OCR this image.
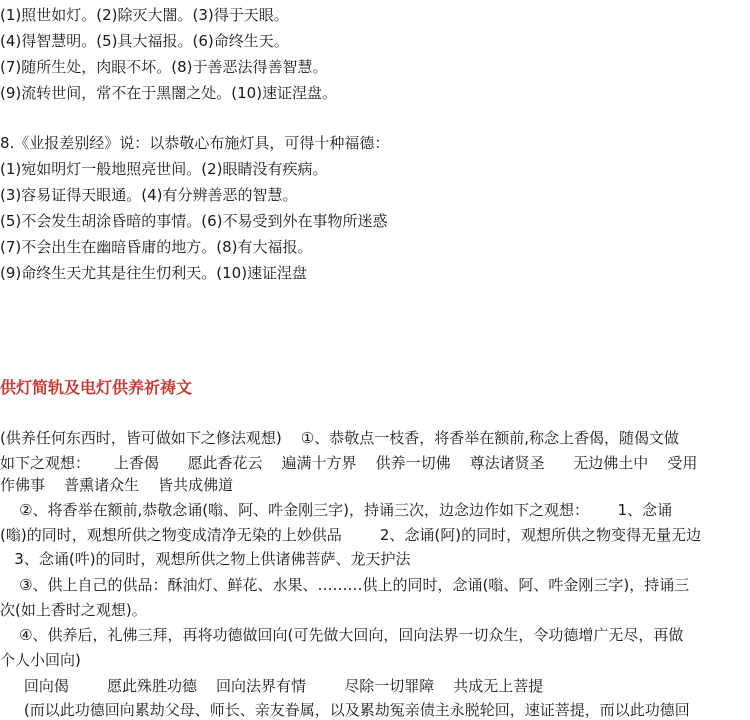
(1)照世如灯。(2)除灭大闇。(3)得于天眼。
(4)得智慧明。(5)具大福报。(6)命终生天。
(7)随所生处，肉眼不坏。(8)于善恶法得善智慧。
(9)流转世间，常不在于黑闇之处。(10)速证涅盘。
8.《业报差别经》说：以恭敬心布施灯具，可得十种福德：
(1)宛如明灯一般地照亮世间。(2)眼睛没有疾病。
(3)容易证得天眼通。(4)有分辨善恶的智慧。
(5)不会发生胡涂昏暗的事情。(6)不易受到外在事物所迷惑
(7)不会出生在幽暗昏庸的地方。(8)有大福报。
(9)命终生天尤其是往生忉利天。(10)速证涅盘
供灯简轨及电灯供养祈祷文
(供养任何东西时，皆可做如下之修法观想)    ①、恭敬点一枝香，将香举在额前,称念上香偈，随偈文做
如下之观想：     上香偈      愿此香花云    遍满十方界    供养一切佛    尊法诸贤圣      无边佛土中    受用
作佛事    普熏诸众生    皆共成佛道
②、将香举在额前,恭敬念诵(嗡、阿、吽金刚三字)，持诵三次，边念边作如下之观想：      1、念诵
(嗡)的同时，观想所供之物变成清净无染的上妙供品        2、念诵(阿)的同时，观想所供之物变得无量无边
3、念诵(吽)的同时，观想所供之物上供诸佛菩萨、龙天护法
③、供上自己的供品：酥油灯、鲜花、水果、………供上的同时，念诵(嗡、阿、吽金刚三字)，持诵三
次(如上香时之观想)。
④、供养后，礼佛三拜，再将功德做回向(可先做大回向，回向法界一切众生，令功德增广无尽，再做
个人小回向)
回向偈        愿此殊胜功德    回向法界有情        尽除一切罪障    共成无上菩提
(而以此功德回向累劫父母、师长、亲友眷属，以及累劫冤亲债主永脱轮回，速证菩提，而以此功德回
